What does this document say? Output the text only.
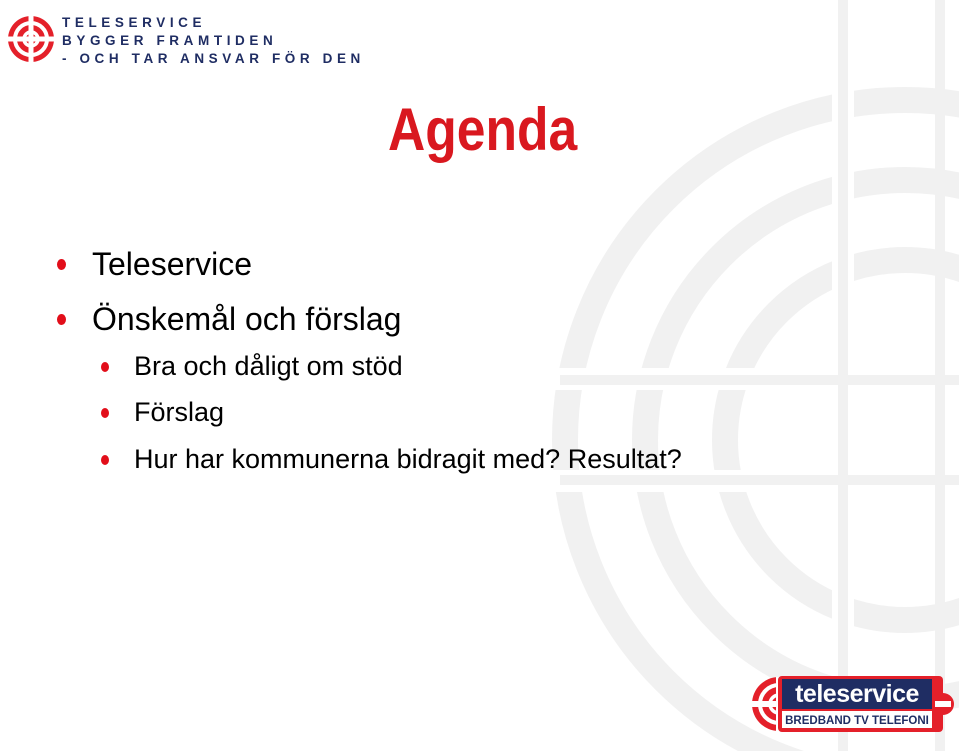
TELESERVICE
BYGGER FRAMTIDEN
- OCH TAR ANSVAR FÖR DEN
Agenda
Teleservice
Önskemål och förslag
Bra och dåligt om stöd
Förslag
Hur har kommunerna bidragit med? Resultat?
teleservice
BREDBAND TV TELEFONI
